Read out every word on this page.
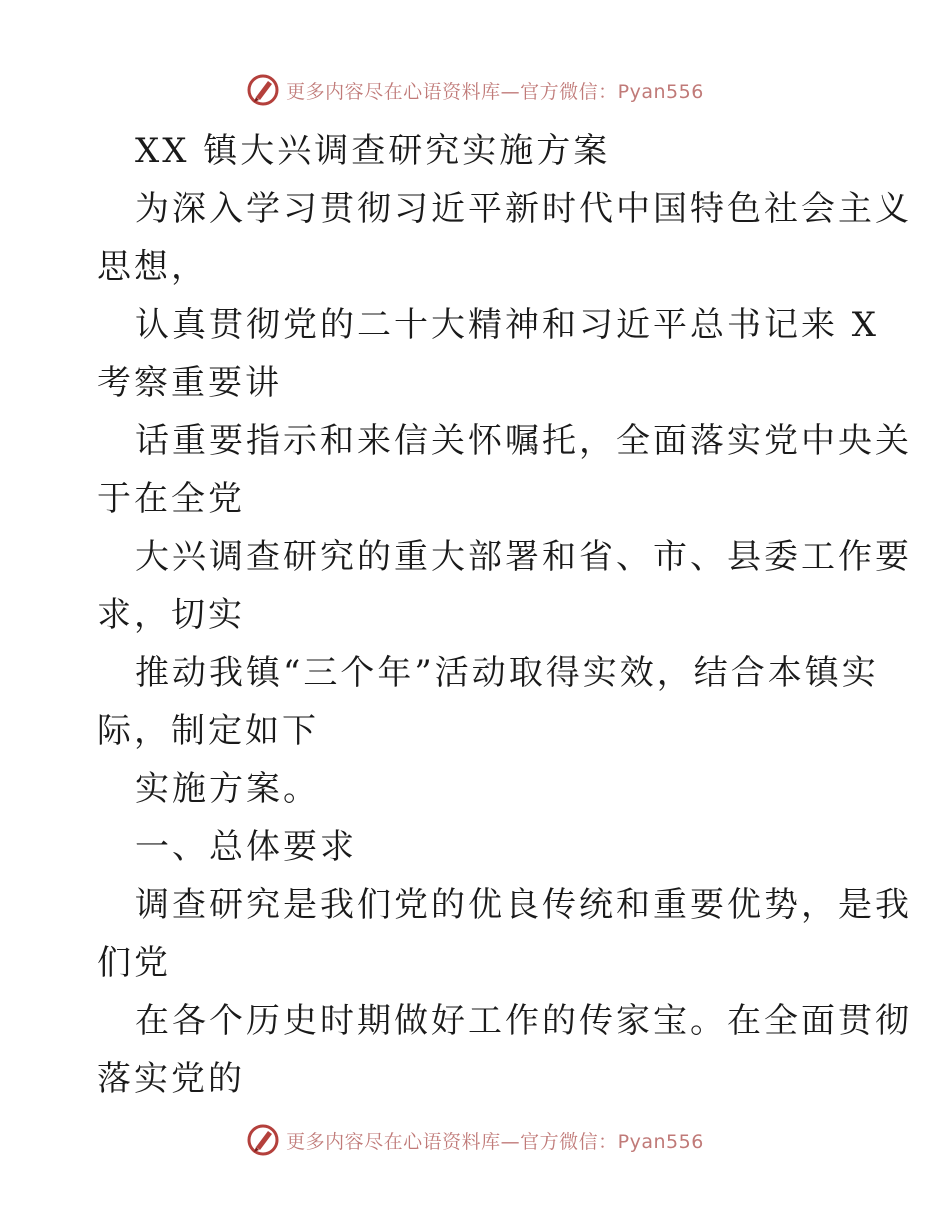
更多内容尽在心语资料库—官方微信：Pyan556

XX 镇大兴调查研究实施方案

为深入学习贯彻习近平新时代中国特色社会主义

思想，

认真贯彻党的二十大精神和习近平总书记来 X

考察重要讲

话重要指示和来信关怀嘱托，全面落实党中央关

于在全党

大兴调查研究的重大部署和省、市、县委工作要

求，切实

推动我镇“三个年”活动取得实效，结合本镇实

际，制定如下

实施方案。

一、总体要求

调查研究是我们党的优良传统和重要优势，是我

们党

在各个历史时期做好工作的传家宝。在全面贯彻

落实党的

更多内容尽在心语资料库—官方微信：Pyan556
